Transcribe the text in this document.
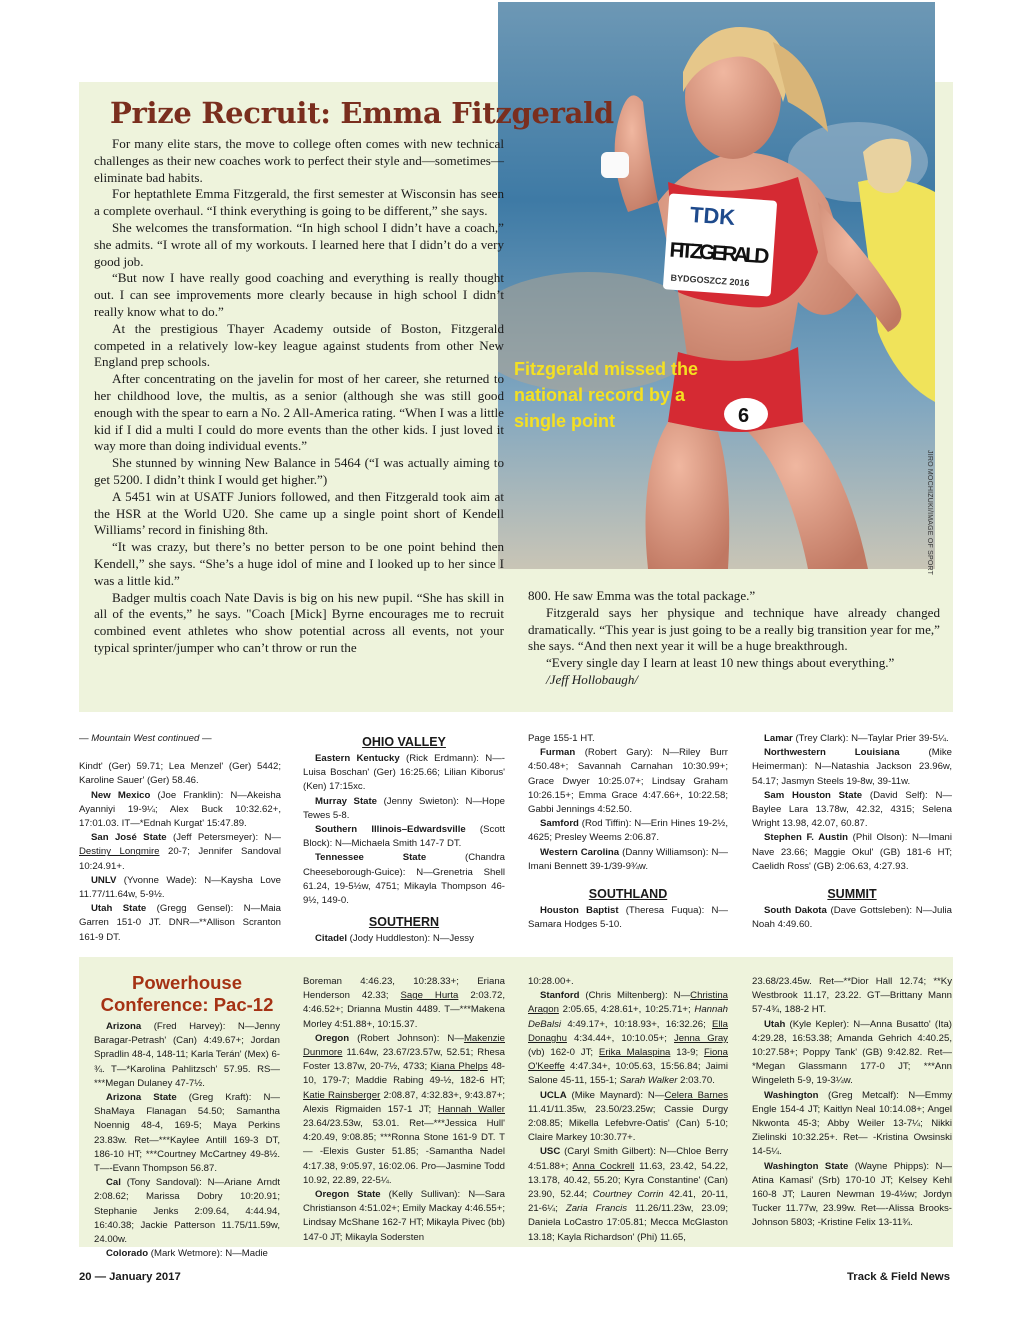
TDK
FITZGERALD
BYDGOSZCZ 2016
6
Fitzgerald missed the national record by a single point
JIRO MOCHIZUKI/IMAGE OF SPORT
Prize Recruit: Emma Fitzgerald

For many elite stars, the move to college often comes with new technical challenges as their new coaches work to perfect their style and—sometimes—eliminate bad habits.

For heptathlete Emma Fitzgerald, the first semester at Wisconsin has seen a complete overhaul. “I think everything is going to be different,” she says.

She welcomes the transformation. “In high school I didn’t have a coach,” she admits. “I wrote all of my workouts. I learned here that I didn’t do a very good job.

“But now I have really good coaching and everything is really thought out. I can see improvements more clearly because in high school I didn’t really know what to do.”

At the prestigious Thayer Academy outside of Boston, Fitzgerald competed in a relatively low-key league against students from other New England prep schools.

After concentrating on the javelin for most of her career, she returned to her childhood love, the multis, as a senior (although she was still good enough with the spear to earn a No. 2 All-America rating. “When I was a little kid if I did a multi I could do more events than the other kids. I just loved it way more than doing individual events.”

She stunned by winning New Balance in 5464 (“I was actually aiming to get 5200. I didn’t think I would get higher.”)

A 5451 win at USATF Juniors followed, and then Fitzgerald took aim at the HSR at the World U20. She came up a single point short of Kendell Williams’ record in finishing 8th.

“It was crazy, but there’s no better person to be one point behind then Kendell,” she says. “She’s a huge idol of mine and I looked up to her since I was a little kid.”

Badger multis coach Nate Davis is big on his new pupil. “She has skill in all of the events,” he says. "Coach [Mick] Byrne encourages me to recruit combined event athletes who show potential across all events, not your typical sprinter/jumper who can’t throw or run the

800. He saw Emma was the total package.”

Fitzgerald says her physique and technique have already changed dramatically. “This year is just going to be a really big transition year for me,” she says. “And then next year it will be a huge breakthrough.

“Every single day I learn at least 10 new things about everything.”

/Jeff Hollobaugh/

— Mountain West continued —

Kindt' (Ger) 59.71; Lea Menzel' (Ger) 5442; Karoline Sauer' (Ger) 58.46.

New Mexico (Joe Franklin): N—Akeisha Ayanniyi 19-9¼; Alex Buck 10:32.62+, 17:01.03. IT—*Ednah Kurgat' 15:47.89.

San José State (Jeff Petersmeyer): N—Destiny Longmire 20-7; Jennifer Sandoval 10:24.91+.

UNLV (Yvonne Wade): N—Kaysha Love 11.77/11.64w, 5-9½.

Utah State (Gregg Gensel): N—Maia Garren 151-0 JT. DNR—**Allison Scranton 161-9 DT.

OHIO VALLEY

Eastern Kentucky (Rick Erdmann): N—-Luisa Boschan' (Ger) 16:25.66; Lilian Kiborus' (Ken) 17:15xc.

Murray State (Jenny Swieton): N—Hope Tewes 5-8.

Southern Illinois–Edwardsville (Scott Block): N—Michaela Smith 147-7 DT.

Tennessee State (Chandra Cheeseborough-Guice): N—Grenetria Shell 61.24, 19-5½w, 4751; Mikayla Thompson 46-9½, 149-0.

SOUTHERN

Citadel (Jody Huddleston): N—Jessy

Page 155-1 HT.

Furman (Robert Gary): N—Riley Burr 4:50.48+; Savannah Carnahan 10:30.99+; Grace Dwyer 10:25.07+; Lindsay Graham 10:26.15+; Emma Grace 4:47.66+, 10:22.58; Gabbi Jennings 4:52.50.

Samford (Rod Tiffin): N—Erin Hines 19-2½, 4625; Presley Weems 2:06.87.

Western Carolina (Danny Williamson): N—Imani Bennett 39-1/39-9¾w.

SOUTHLAND

Houston Baptist (Theresa Fuqua): N—Samara Hodges 5-10.

Lamar (Trey Clark): N—Taylar Prier 39-5¼.

Northwestern Louisiana (Mike Heimerman): N—Natashia Jackson 23.96w, 54.17; Jasmyn Steels 19-8w, 39-11w.

Sam Houston State (David Self): N—Baylee Lara 13.78w, 42.32, 4315; Selena Wright 13.98, 42.07, 60.87.

Stephen F. Austin (Phil Olson): N—Imani Nave 23.66; Maggie Okul' (GB) 181-6 HT; Caelidh Ross' (GB) 2:06.63, 4:27.93.

SUMMIT

South Dakota (Dave Gottsleben): N—Julia Noah 4:49.60.

Powerhouse Conference: Pac-12

Arizona (Fred Harvey): N—Jenny Baragar-Petrash' (Can) 4:49.67+; Jordan Spradlin 48-4, 148-11; Karla Terán' (Mex) 6-¾. T—*Karolina Pahlitzsch' 57.95. RS—***Megan Dulaney 47-7½.

Arizona State (Greg Kraft): N—ShaMaya Flanagan 54.50; Samantha Noennig 48-4, 169-5; Maya Perkins 23.83w. Ret—***Kaylee Antill 169-3 DT, 186-10 HT; ***Courtney McCartney 49-8½. T—-Evann Thompson 56.87.

Cal (Tony Sandoval): N—Ariane Arndt 2:08.62; Marissa Dobry 10:20.91; Stephanie Jenks 2:09.64, 4:44.94, 16:40.38; Jackie Patterson 11.75/11.59w, 24.00w.

Colorado (Mark Wetmore): N—Madie

Boreman 4:46.23, 10:28.33+; Eriana Henderson 42.33; Sage Hurta 2:03.72, 4:46.52+; Drianna Mustin 4489. T—***Makena Morley 4:51.88+, 10:15.37.

Oregon (Robert Johnson): N—Makenzie Dunmore 11.64w, 23.67/23.57w, 52.51; Rhesa Foster 13.87w, 20-7½, 4733; Kiana Phelps 48-10, 179-7; Maddie Rabing 49-½, 182-6 HT; Katie Rainsberger 2:08.87, 4:32.83+, 9:43.87+; Alexis Rigmaiden 157-1 JT; Hannah Waller 23.64/23.53w, 53.01. Ret—***Jessica Hull' 4:20.49, 9:08.85; ***Ronna Stone 161-9 DT. T— -Elexis Guster 51.85; -Samantha Nadel 4:17.38, 9:05.97, 16:02.06. Pro—Jasmine Todd 10.92, 22.89, 22-5¼.

Oregon State (Kelly Sullivan): N—Sara Christianson 4:51.02+; Emily Mackay 4:46.55+; Lindsay McShane 162-7 HT; Mikayla Pivec (bb) 147-0 JT; Mikayla Sodersten

10:28.00+.

Stanford (Chris Miltenberg): N—Christina Aragon 2:05.65, 4:28.61+, 10:25.71+; Hannah DeBalsi 4:49.17+, 10:18.93+, 16:32.26; Ella Donaghu 4:34.44+, 10:10.05+; Jenna Gray (vb) 162-0 JT; Erika Malaspina 13-9; Fiona O'Keeffe 4:47.34+, 10:05.63, 15:56.84; Jaimi Salone 45-11, 155-1; Sarah Walker 2:03.70.

UCLA (Mike Maynard): N—Celera Barnes 11.41/11.35w, 23.50/23.25w; Cassie Durgy 2:08.85; Mikella Lefebvre-Oatis' (Can) 5-10; Claire Markey 10:30.77+.

USC (Caryl Smith Gilbert): N—Chloe Berry 4:51.88+; Anna Cockrell 11.63, 23.42, 54.22, 13.178, 40.42, 55.20; Kyra Constantine' (Can) 23.90, 52.44; Courtney Corrin 42.41, 20-11, 21-6¼; Zaria Francis 11.26/11.23w, 23.09; Daniela LoCastro 17:05.81; Mecca McGlaston 13.18; Kayla Richardson' (Phi) 11.65,

23.68/23.45w. Ret—**Dior Hall 12.74; **Ky Westbrook 11.17, 23.22. GT—Brittany Mann 57-4¾, 188-2 HT.

Utah (Kyle Kepler): N—Anna Busatto' (Ita) 4:29.28, 16:53.38; Amanda Gehrich 4:40.25, 10:27.58+; Poppy Tank' (GB) 9:42.82. Ret—*Megan Glassmann 177-0 JT; ***Ann Wingeleth 5-9, 19-3¼w.

Washington (Greg Metcalf): N—Emmy Engle 154-4 JT; Kaitlyn Neal 10:14.08+; Angel Nkwonta 45-3; Abby Weiler 13-7¼; Nikki Zielinski 10:32.25+. Ret— -Kristina Owsinski 14-5¼.

Washington State (Wayne Phipps): N—Atina Kamasi' (Srb) 170-10 JT; Kelsey Kehl 160-8 JT; Lauren Newman 19-4½w; Jordyn Tucker 11.77w, 23.99w. Ret—-Alissa Brooks-Johnson 5803; -Kristine Felix 13-11¾.

20 — January 2017	Track & Field News
